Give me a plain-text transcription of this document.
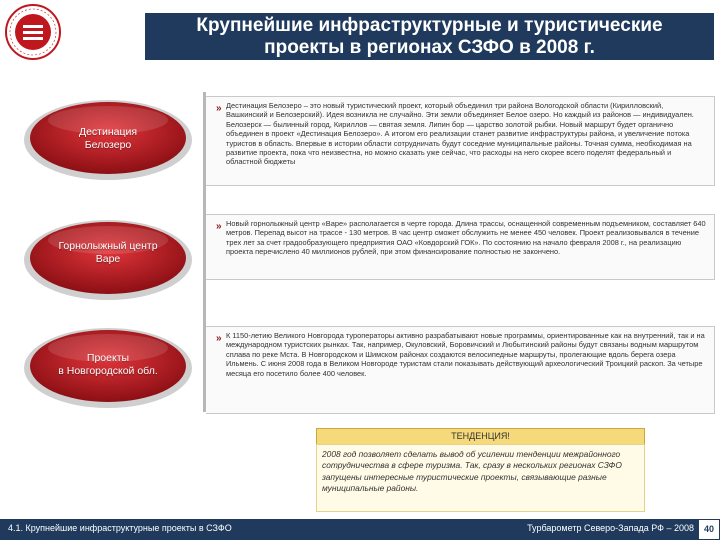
Крупнейшие инфраструктурные и туристические
проекты в регионах СЗФО в 2008 г.
Дестинация
Белозеро
» Дестинация Белозеро – это новый туристический проект, который объединил три района Вологодской области (Кирилловский, Вашкинский и Белозерский). Идея возникла не случайно. Эти земли объединяет Белое озеро. Но каждый из районов — индивидуален. Белозерск — былинный город, Кириллов — святая земля. Липин бор — царство золотой рыбки. Новый маршрут будет органично объединен в проект «Дестинация Белозеро». А итогом его реализации станет развитие инфраструктуры района, и увеличение потока туристов в область. Впервые в истории области сотрудничать будут соседние муниципальные районы. Точная сумма, необходимая на развитие проекта, пока что неизвестна, но можно сказать уже сейчас, что расходы на него скорее всего поделят федеральный и областной бюджеты
Горнолыжный центр
Варе
» Новый горнолыжный центр «Варе» располагается в черте города. Длина трассы, оснащенной современным подъемником, составляет 640 метров. Перепад высот на трассе - 130 метров. В час центр сможет обслужить не менее 450 человек. Проект реализовывался в течение трех лет за счет градообразующего предприятия ОАО «Ковдорский ГОК». По состоянию на начало февраля 2008 г., на реализацию проекта перечислено 40 миллионов рублей, при этом финансирование полностью не закончено.
Проекты
в Новгородской обл.
» К 1150-летию Великого Новгорода туроператоры активно разрабатывают новые программы, ориентированные как на внутренний, так и на международном туристских рынках. Так, например, Окуловский, Боровичский и Любытинский районы будут связаны водным маршрутом сплава по реке Мста. В Новгородском и Шимском районах создаются велосипедные маршруты, пролегающие вдоль берега озера Ильмень. С июня 2008 года в Великом Новгороде туристам стали показывать действующий археологический Троицкий раскоп. За четыре месяца его посетило более 400 человек.
ТЕНДЕНЦИЯ!
2008 год позволяет сделать вывод об усилении тенденции межрайонного сотрудничества в сфере туризма. Так, сразу в нескольких регионах СЗФО запущены интересные туристические проекты, связывающие разные муниципальные районы.
4.1. Крупнейшие инфраструктурные проекты в СЗФО	Турбарометр Северо-Запада РФ – 2008	40
